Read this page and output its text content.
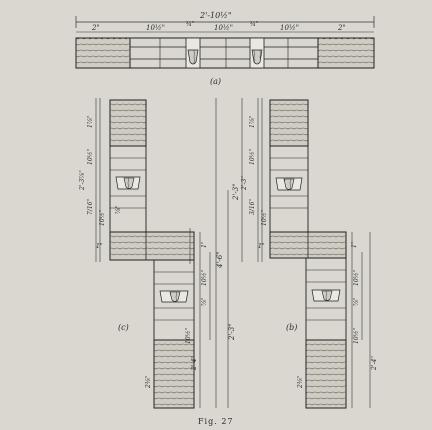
2'-10½"
2"	10½"	¾"	10½"	¾"	10½"	2"
(a)
1⅞"
10½"
2'-3⅞"
7/16"
10½"
⅞"
1"	1"
10½"
⅞"
10½"
2'-4"
2⅜"
4'-6"
2'-3"
(c)
1⅞"
10½"
2'-3"
3/16"
10½"
1"	1"
10½"
⅞"
10½"
2'-4"
2⅜"
2'-3"
(b)
Fig. 27
